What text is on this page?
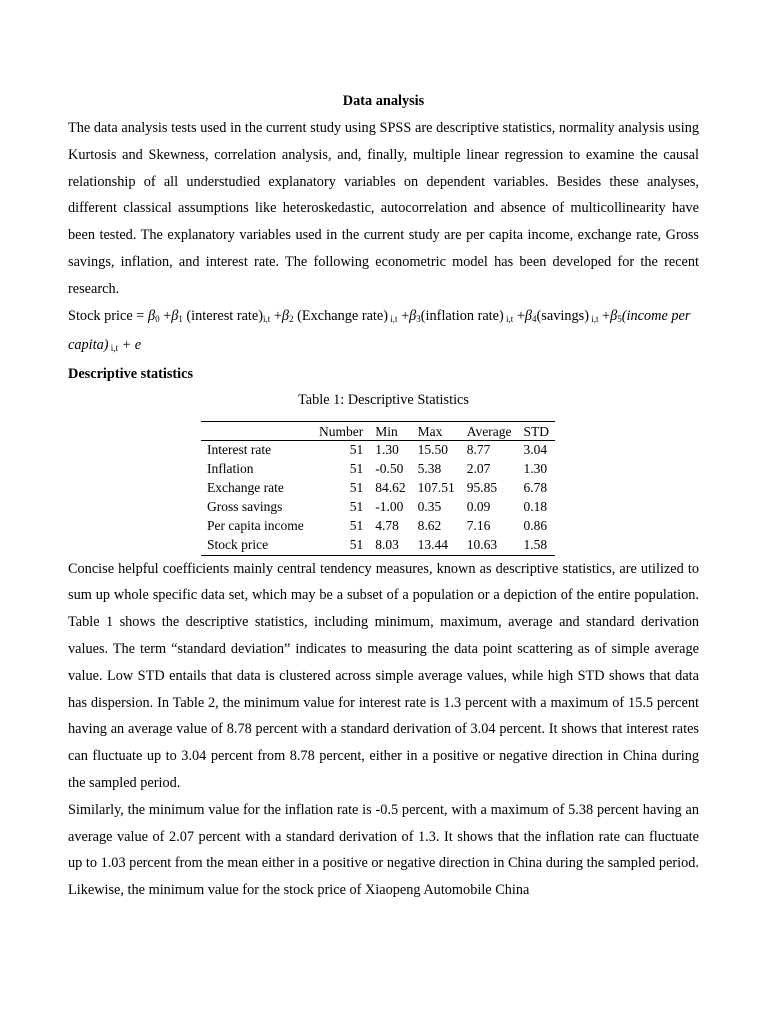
Data analysis

The data analysis tests used in the current study using SPSS are descriptive statistics, normality analysis using Kurtosis and Skewness, correlation analysis, and, finally, multiple linear regression to examine the causal relationship of all understudied explanatory variables on dependent variables. Besides these analyses, different classical assumptions like heteroskedastic, autocorrelation and absence of multicollinearity have been tested. The explanatory variables used in the current study are per capita income, exchange rate, Gross savings, inflation, and interest rate. The following econometric model has been developed for the recent research.

Stock price = $\beta_0 +\beta_1$ (interest $rate)_{i,t} +\beta_2$ (Exchange rate) $_{i,t} +\beta_3(inflation$ rate) $_{i,t} +\beta_4(savings)$ $_{i,t} +\beta_5(income$ per capita) $_{i,t}$ + e

Descriptive statistics

Table 1: Descriptive Statistics

	Number	Min	Max	Average	STD
Interest rate	51	1.30	15.50	8.77	3.04
Inflation	51	-0.50	5.38	2.07	1.30
Exchange rate	51	84.62	107.51	95.85	6.78
Gross savings	51	-1.00	0.35	0.09	0.18
Per capita income	51	4.78	8.62	7.16	0.86
Stock price	51	8.03	13.44	10.63	1.58

Concise helpful coefficients mainly central tendency measures, known as descriptive statistics, are utilized to sum up whole specific data set, which may be a subset of a population or a depiction of the entire population. Table 1 shows the descriptive statistics, including minimum, maximum, average and standard derivation values. The term “standard deviation” indicates to measuring the data point scattering as of simple average value. Low STD entails that data is clustered across simple average values, while high STD shows that data has dispersion. In Table 2, the minimum value for interest rate is 1.3 percent with a maximum of 15.5 percent having an average value of 8.78 percent with a standard derivation of 3.04 percent. It shows that interest rates can fluctuate up to 3.04 percent from 8.78 percent, either in a positive or negative direction in China during the sampled period.

Similarly, the minimum value for the inflation rate is -0.5 percent, with a maximum of 5.38 percent having an average value of 2.07 percent with a standard derivation of 1.3. It shows that the inflation rate can fluctuate up to 1.03 percent from the mean either in a positive or negative direction in China during the sampled period. Likewise, the minimum value for the stock price of Xiaopeng Automobile China
